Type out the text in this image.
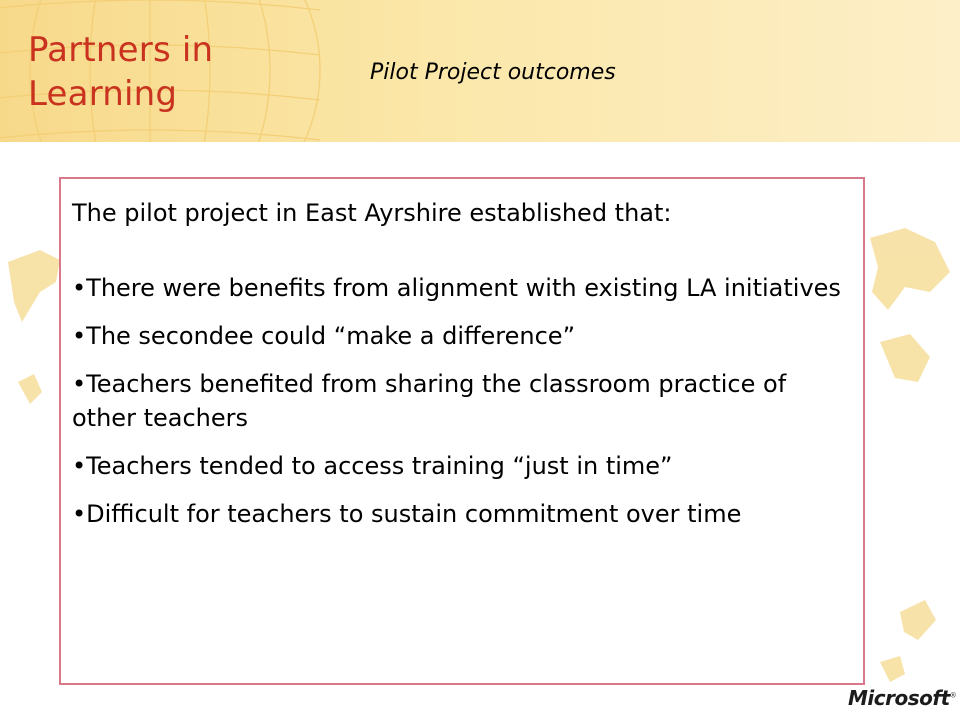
Partners in
Learning
Pilot Project outcomes

The pilot project in East Ayrshire established that:

•There were benefits from alignment with existing LA initiatives
•The secondee could “make a difference”
•Teachers benefited from sharing the classroom practice of other teachers
•Teachers tended to access training “just in time”
•Difficult for teachers to sustain commitment over time
Microsoft®
